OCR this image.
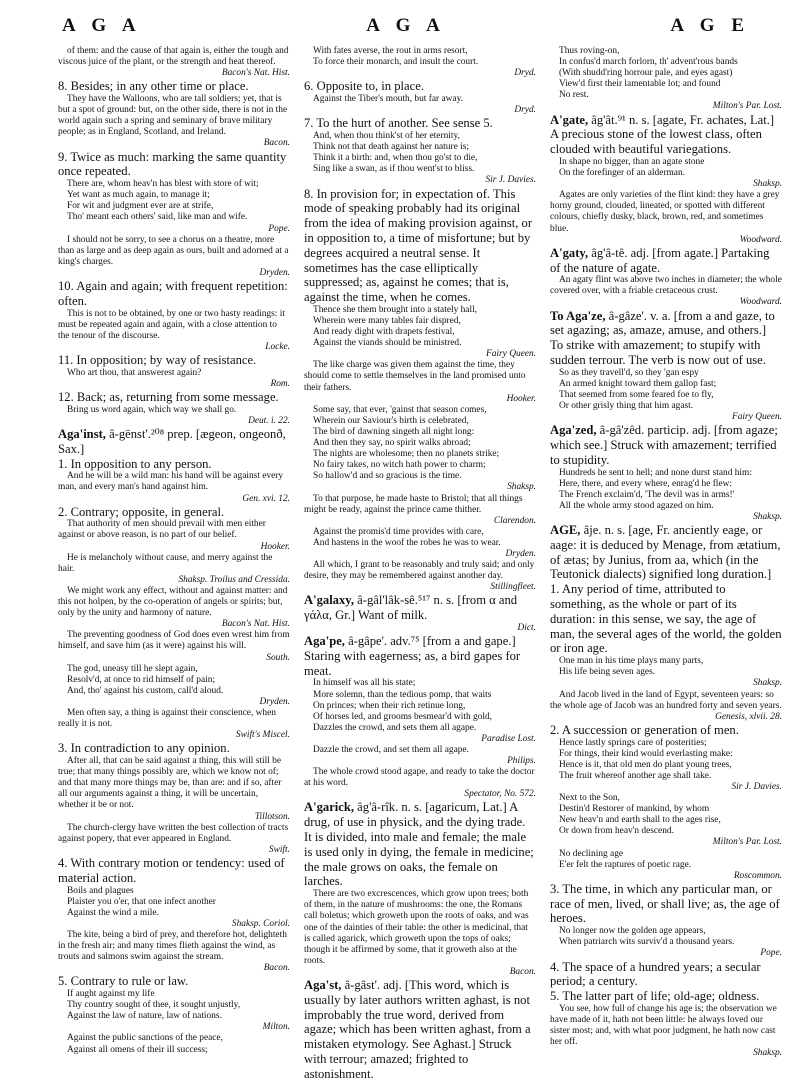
A G A	A G A	A G E

of them: and the cause of that again is, either the tough and viscous juice of the plant, or the strength and heat thereof.

Bacon's Nat. Hist.

8. Besides; in any other time or place.

They have the Walloons, who are tall soldiers; yet, that is but a spot of ground: but, on the other side, there is not in the world again such a spring and seminary of brave military people; as in England, Scotland, and Ireland.

Bacon.

9. Twice as much: marking the same quantity once repeated.

There are, whom heav'n has blest with store of wit;

Yet want as much again, to manage it;

For wit and judgment ever are at strife,

Tho' meant each others' said, like man and wife.

Pope.

I should not be sorry, to see a chorus on a theatre, more than as large and as deep again as ours, built and adorned at a king's charges.

Dryden.

10. Again and again; with frequent repetition: often.

This is not to be obtained, by one or two hasty readings: it must be repeated again and again, with a close attention to the tenour of the discourse.

Locke.

11. In opposition; by way of resistance.

Who art thou, that answerest again?

Rom.

12. Back; as, returning from some message.

Bring us word again, which way we shall go.

Deut. i. 22.

Aga'inst, â-gënst'.²⁰⁸ prep. [ægeon, ongeonð, Sax.]

1. In opposition to any person.

And he will be a wild man: his hand will be against every man, and every man's hand against him.

Gen. xvi. 12.

2. Contrary; opposite, in general.

That authority of men should prevail with men either against or above reason, is no part of our belief.

Hooker.

He is melancholy without cause, and merry against the hair.

Shaksp. Troilus and Cressida.

We might work any effect, without and against matter: and this not holpen, by the co-operation of angels or spirits; but, only by the unity and harmony of nature.

Bacon's Nat. Hist.

The preventing goodness of God does even wrest him from himself, and save him (as it were) against his will.

South.

The god, uneasy till he slept again,

Resolv'd, at once to rid himself of pain;

And, tho' against his custom, call'd aloud.

Dryden.

Men often say, a thing is against their conscience, when really it is not.

Swift's Miscel.

3. In contradiction to any opinion.

After all, that can be said against a thing, this will still be true; that many things possibly are, which we know not of; and that many more things may be, than are: and if so, after all our arguments against a thing, it will be uncertain, whether it be or not.

Tillotson.

The church-clergy have written the best collection of tracts against popery, that ever appeared in England.

Swift.

4. With contrary motion or tendency: used of material action.

Boils and plagues

Plaister you o'er, that one infect another

Against the wind a mile.

Shaksp. Coriol.

The kite, being a bird of prey, and therefore hot, delighteth in the fresh air; and many times flieth against the wind, as trouts and salmons swim against the stream.

Bacon.

5. Contrary to rule or law.

If aught against my life

Thy country sought of thee, it sought unjustly,

Against the law of nature, law of nations.

Milton.

Against the public sanctions of the peace,

Against all omens of their ill success;

With fates averse, the rout in arms resort,

To force their monarch, and insult the court.

Dryd.

6. Opposite to, in place.

Against the Tiber's mouth, but far away.

Dryd.

7. To the hurt of another. See sense 5.

And, when thou think'st of her eternity,

Think not that death against her nature is;

Think it a birth: and, when thou go'st to die,

Sing like a swan, as if thou went'st to bliss.

Sir J. Davies.

8. In provision for; in expectation of. This mode of speaking probably had its original from the idea of making provision against, or in opposition to, a time of misfortune; but by degrees acquired a neutral sense. It sometimes has the case elliptically suppressed; as, against he comes; that is, against the time, when he comes.

Thence she them brought into a stately hall,

Wherein were many tables fair dispred,

And ready dight with drapets festival,

Against the viands should be ministred.

Fairy Queen.

The like charge was given them against the time, they should come to settle themselves in the land promised unto their fathers.

Hooker.

Some say, that ever, 'gainst that season comes,

Wherein our Saviour's birth is celebrated,

The bird of dawning singeth all night long:

And then they say, no spirit walks abroad;

The nights are wholesome; then no planets strike;

No fairy takes, no witch hath power to charm;

So hallow'd and so gracious is the time.

Shaksp.

To that purpose, he made haste to Bristol; that all things might be ready, against the prince came thither.

Clarendon.

Against the promis'd time provides with care,

And hastens in the woof the robes he was to wear.

Dryden.

All which, I grant to be reasonably and truly said; and only desire, they may be remembered against another day.

Stillingfleet.

A'galaxy, â-gâl'lâk-sê.⁵¹⁷ n. s. [from α and γάλα, Gr.] Want of milk.

Dict.

Aga'pe, â-gâpe'. adv.⁷⁵ [from a and gape.] Staring with eagerness; as, a bird gapes for meat.

In himself was all his state;

More solemn, than the tedious pomp, that waits

On princes; when their rich retinue long,

Of horses led, and grooms besmear'd with gold,

Dazzles the crowd, and sets them all agape.

Paradise Lost.

Dazzle the crowd, and set them all agape.

Philips.

The whole crowd stood agape, and ready to take the doctor at his word.

Spectator, No. 572.

A'garick, âg'â-rîk. n. s. [agaricum, Lat.] A drug, of use in physick, and the dying trade. It is divided, into male and female; the male is used only in dying, the female in medicine; the male grows on oaks, the female on larches.

There are two excrescences, which grow upon trees; both of them, in the nature of mushrooms: the one, the Romans call boletus; which groweth upon the roots of oaks, and was one of the dainties of their table: the other is medicinal, that is called agarick, which groweth upon the tops of oaks; though it be affirmed by some, that it groweth also at the roots.

Bacon.

Aga'st, â-gâst'. adj. [This word, which is usually by later authors written aghast, is not improbably the true word, derived from agaze; which has been written aghast, from a mistaken etymology. See Aghast.] Struck with terrour; amazed; frighted to astonishment.

Thus roving-on,

In confus'd march forlorn, th' advent'rous bands

(With shudd'ring horrour pale, and eyes agast)

View'd first their lamentable lot; and found

No rest.

Milton's Par. Lost.

A'gate, âg'ât.⁹¹ n. s. [agate, Fr. achates, Lat.] A precious stone of the lowest class, often clouded with beautiful variegations.

In shape no bigger, than an agate stone

On the forefinger of an alderman.

Shaksp.

Agates are only varieties of the flint kind: they have a grey horny ground, clouded, lineated, or spotted with different colours, chiefly dusky, black, brown, red, and sometimes blue.

Woodward.

A'gaty, âg'â-tê. adj. [from agate.] Partaking of the nature of agate.

An agaty flint was above two inches in diameter; the whole covered over, with a friable cretaceous crust.

Woodward.

To Aga'ze, â-gâze'. v. a. [from a and gaze, to set agazing; as, amaze, amuse, and others.] To strike with amazement; to stupify with sudden terrour. The verb is now out of use.

So as they travell'd, so they 'gan espy

An armed knight toward them gallop fast;

That seemed from some feared foe to fly,

Or other grisly thing that him agast.

Fairy Queen.

Aga'zed, â-gâ'zêd. particip. adj. [from agaze; which see.] Struck with amazement; terrified to stupidity.

Hundreds he sent to hell; and none durst stand him:

Here, there, and every where, enrag'd he flew:

The French exclaim'd, 'The devil was in arms!'

All the whole army stood agazed on him.

Shaksp.

AGE, âje. n. s. [age, Fr. anciently eage, or aage: it is deduced by Menage, from ætatium, of ætas; by Junius, from aa, which (in the Teutonick dialects) signified long duration.]

1. Any period of time, attributed to something, as the whole or part of its duration: in this sense, we say, the age of man, the several ages of the world, the golden or iron age.

One man in his time plays many parts,

His life being seven ages.

Shaksp.

And Jacob lived in the land of Egypt, seventeen years: so the whole age of Jacob was an hundred forty and seven years.

Genesis, xlvii. 28.

2. A succession or generation of men.

Hence lastly springs care of posterities;

For things, their kind would everlasting make:

Hence is it, that old men do plant young trees,

The fruit whereof another age shall take.

Sir J. Davies.

Next to the Son,

Destin'd Restorer of mankind, by whom

New heav'n and earth shall to the ages rise,

Or down from heav'n descend.

Milton's Par. Lost.

No declining age

E'er felt the raptures of poetic rage.

Roscommon.

3. The time, in which any particular man, or race of men, lived, or shall live; as, the age of heroes.

No longer now the golden age appears,

When patriarch wits surviv'd a thousand years.

Pope.

4. The space of a hundred years; a secular period; a century.

5. The latter part of life; old-age; oldness.

You see, how full of change his age is; the observation we have made of it, hath not been little: he always loved our sister most; and, with what poor judgment, he hath now cast her off.

Shaksp.
